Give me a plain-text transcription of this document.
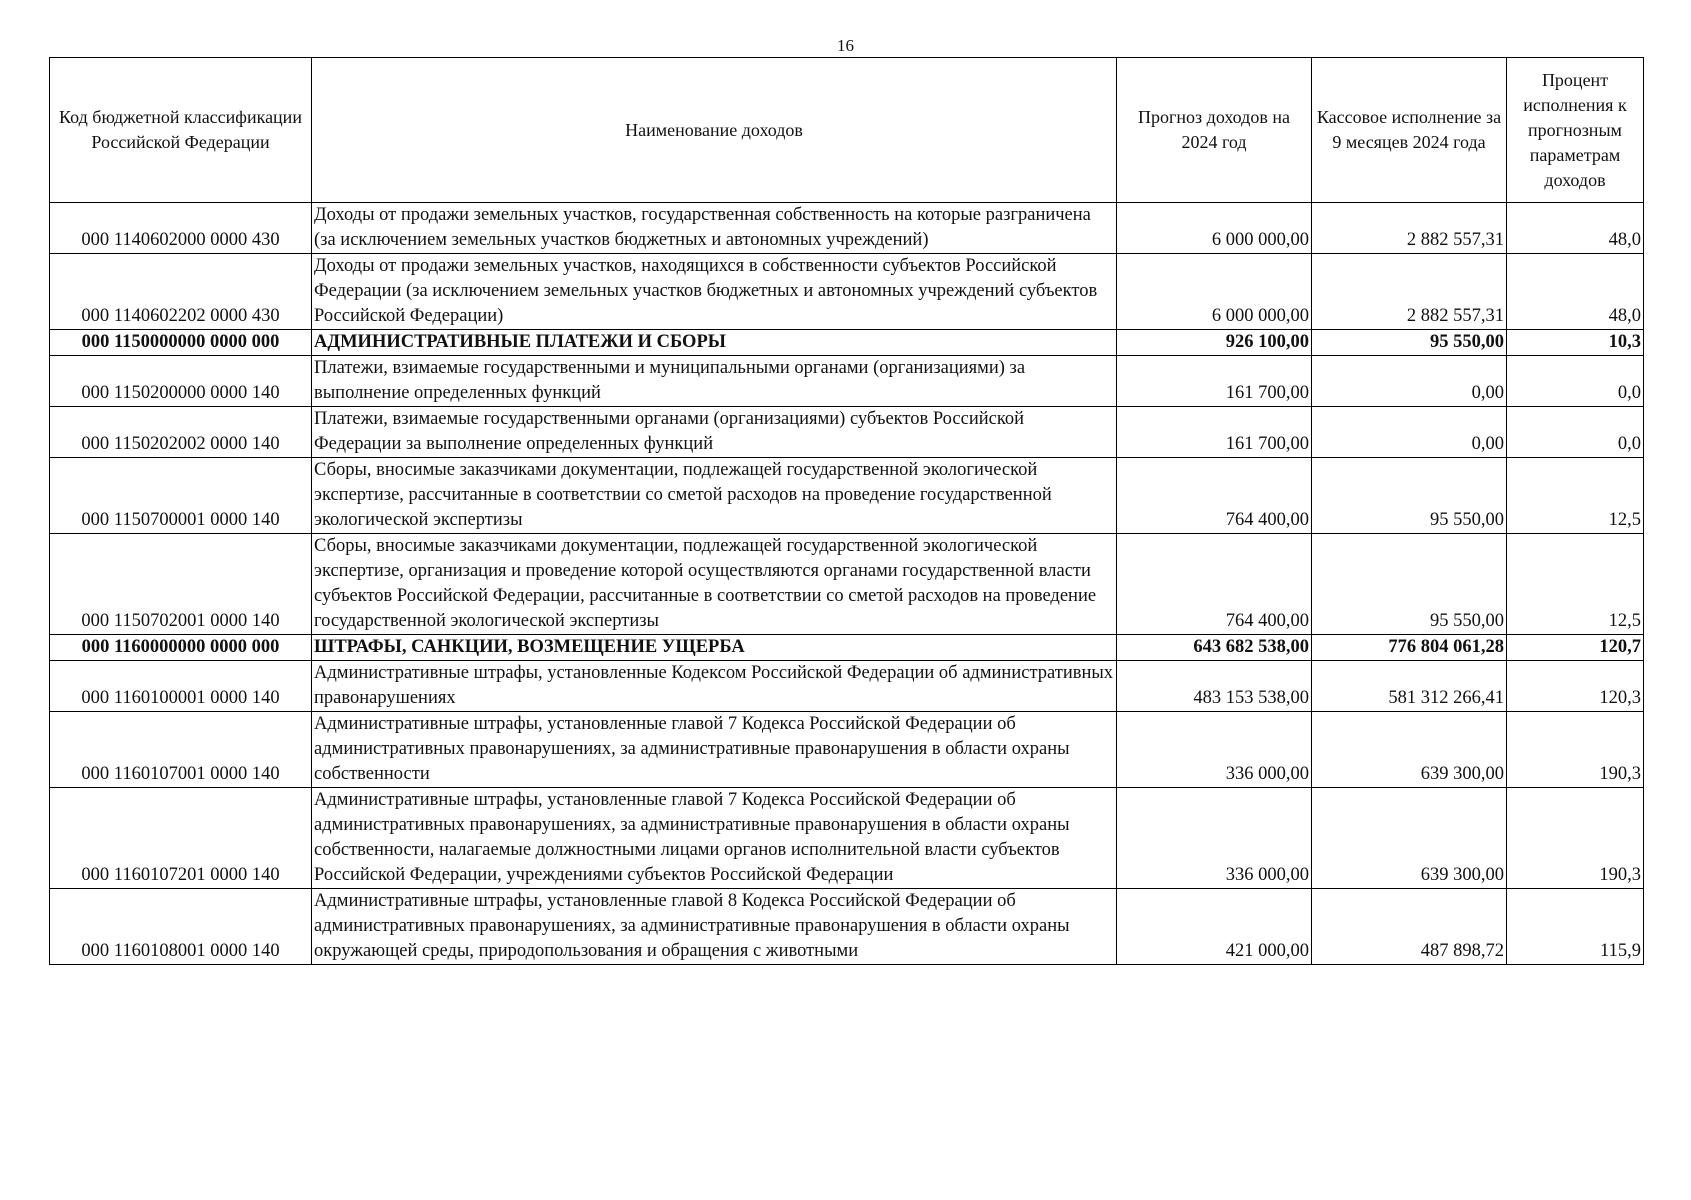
16
Код бюджетной классификации Российской Федерации	Наименование доходов	Прогноз доходов на 2024 год	Кассовое исполнение за 9 месяцев 2024 года	Процент исполнения к прогнозным параметрам доходов
000 1140602000 0000 430	Доходы от продажи земельных участков, государственная собственность на которые разграничена (за исключением земельных участков бюджетных и автономных учреждений)	6 000 000,00	2 882 557,31	48,0
000 1140602202 0000 430	Доходы от продажи земельных участков, находящихся в собственности субъектов Российской Федерации (за исключением земельных участков бюджетных и автономных учреждений субъектов Российской Федерации)	6 000 000,00	2 882 557,31	48,0
000 1150000000 0000 000	АДМИНИСТРАТИВНЫЕ ПЛАТЕЖИ И СБОРЫ	926 100,00	95 550,00	10,3
000 1150200000 0000 140	Платежи, взимаемые государственными и муниципальными органами (организациями) за выполнение определенных функций	161 700,00	0,00	0,0
000 1150202002 0000 140	Платежи, взимаемые государственными органами (организациями) субъектов Российской Федерации за выполнение определенных функций	161 700,00	0,00	0,0
000 1150700001 0000 140	Сборы, вносимые заказчиками документации, подлежащей государственной экологической экспертизе, рассчитанные в соответствии со сметой расходов на проведение государственной экологической экспертизы	764 400,00	95 550,00	12,5
000 1150702001 0000 140	Сборы, вносимые заказчиками документации, подлежащей государственной экологической экспертизе, организация и проведение которой осуществляются органами государственной власти субъектов Российской Федерации, рассчитанные в соответствии со сметой расходов на проведение государственной экологической экспертизы	764 400,00	95 550,00	12,5
000 1160000000 0000 000	ШТРАФЫ, САНКЦИИ, ВОЗМЕЩЕНИЕ УЩЕРБА	643 682 538,00	776 804 061,28	120,7
000 1160100001 0000 140	Административные штрафы, установленные Кодексом Российской Федерации об административных правонарушениях	483 153 538,00	581 312 266,41	120,3
000 1160107001 0000 140	Административные штрафы, установленные главой 7 Кодекса Российской Федерации об административных правонарушениях, за административные правонарушения в области охраны собственности	336 000,00	639 300,00	190,3
000 1160107201 0000 140	Административные штрафы, установленные главой 7 Кодекса Российской Федерации об административных правонарушениях, за административные правонарушения в области охраны собственности, налагаемые должностными лицами органов исполнительной власти субъектов Российской Федерации, учреждениями субъектов Российской Федерации	336 000,00	639 300,00	190,3
000 1160108001 0000 140	Административные штрафы, установленные главой 8 Кодекса Российской Федерации об административных правонарушениях, за административные правонарушения в области охраны окружающей среды, природопользования и обращения с животными	421 000,00	487 898,72	115,9
